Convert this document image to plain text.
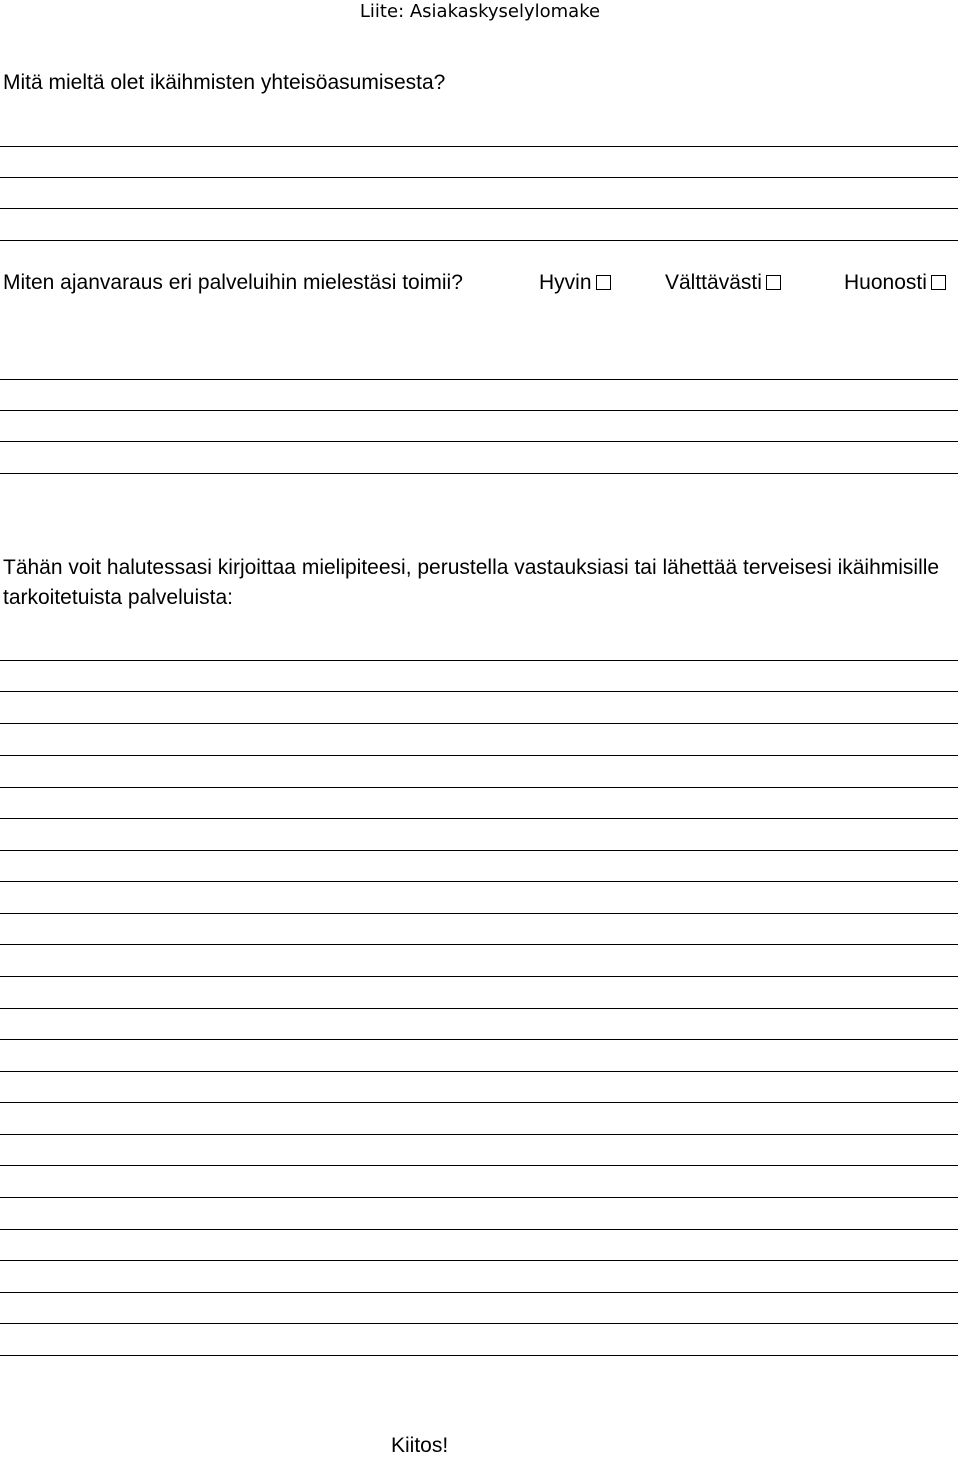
Liite: Asiakaskyselylomake
Mitä mieltä olet ikäihmisten yhteisöasumisesta?
Miten ajanvaraus eri palveluihin mielestäsi toimii?	Hyvin	Välttävästi	Huonosti
Tähän voit halutessasi kirjoittaa mielipiteesi, perustella vastauksiasi tai lähettää terveisesi ikäihmisille tarkoitetuista palveluista:
Kiitos!
